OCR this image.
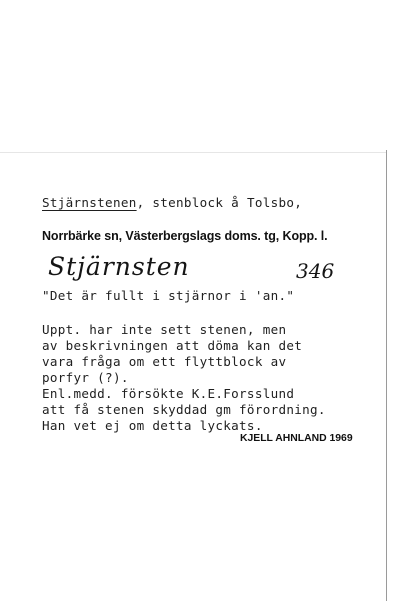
Stjärnstenen, stenblock å Tolsbo,
Norrbärke sn, Västerbergslags doms. tg, Kopp. l.
Stjärnsten	346
"Det är fullt i stjärnor i 'an."
Uppt. har inte sett stenen, men
av beskrivningen att döma kan det
vara fråga om ett flyttblock av
porfyr (?).
Enl.medd. försökte K.E.Forsslund
att få stenen skyddad gm förordning.
Han vet ej om detta lyckats.
KJELL AHNLAND 1969
